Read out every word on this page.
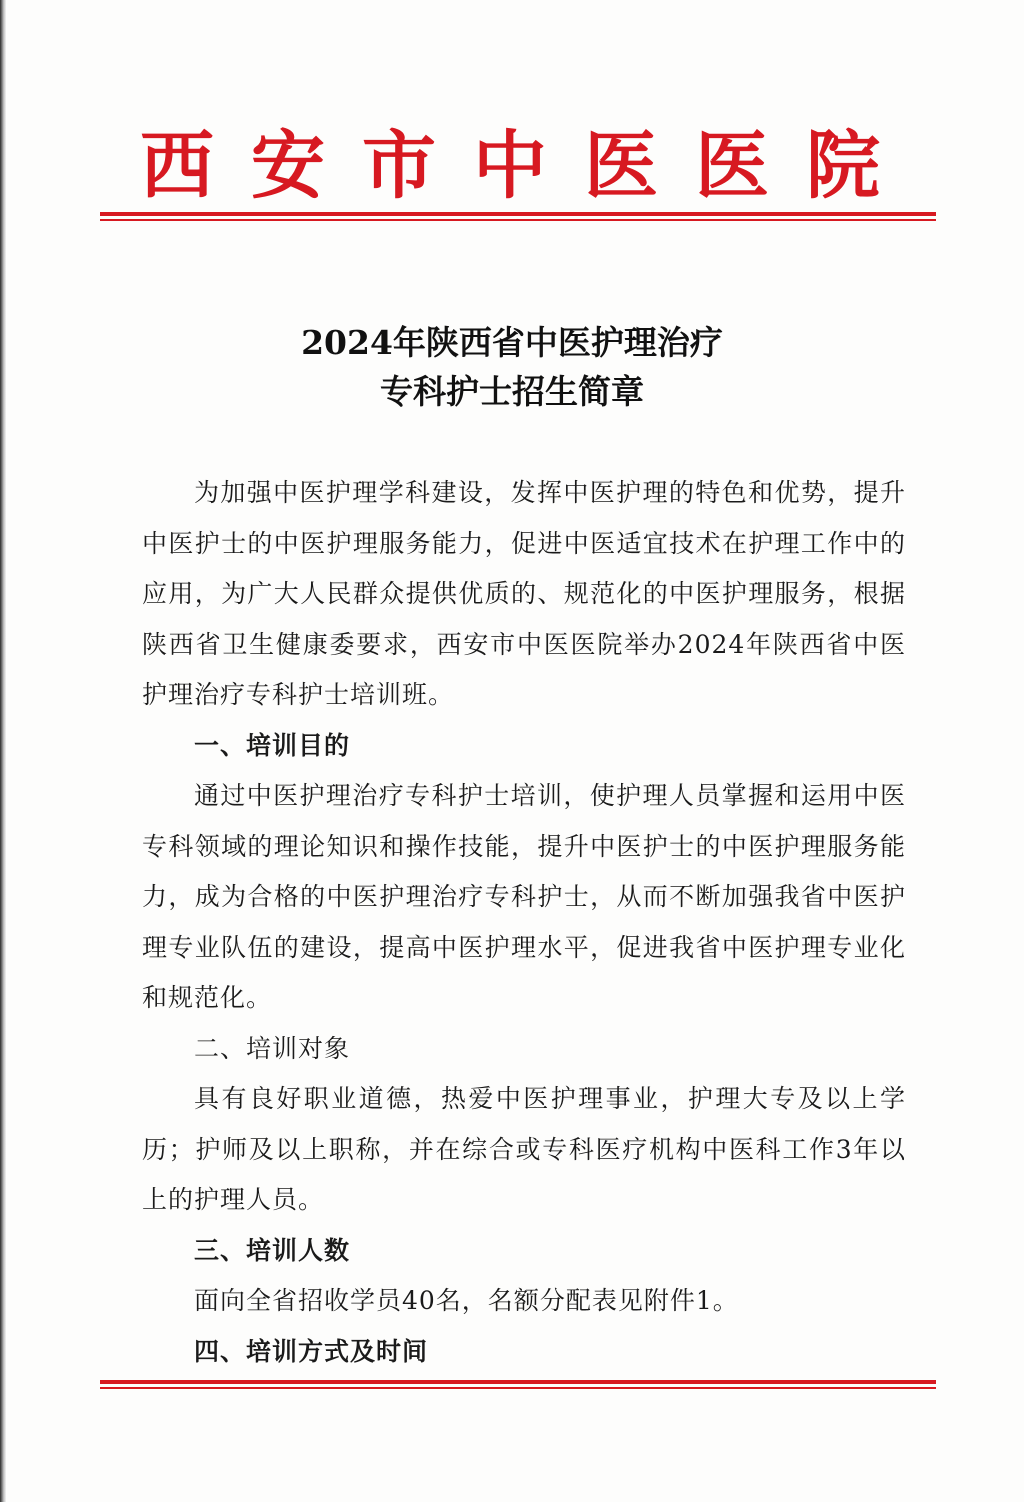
西 安 市 中 医 医 院
2024年陕西省中医护理治疗
专科护士招生简章

为加强中医护理学科建设，发挥中医护理的特色和优势，提升中医护士的中医护理服务能力，促进中医适宜技术在护理工作中的应用，为广大人民群众提供优质的、规范化的中医护理服务，根据陕西省卫生健康委要求，西安市中医医院举办2024年陕西省中医护理治疗专科护士培训班。

一、培训目的

通过中医护理治疗专科护士培训，使护理人员掌握和运用中医专科领域的理论知识和操作技能，提升中医护士的中医护理服务能力，成为合格的中医护理治疗专科护士，从而不断加强我省中医护理专业队伍的建设，提高中医护理水平，促进我省中医护理专业化和规范化。

二、培训对象

具有良好职业道德，热爱中医护理事业，护理大专及以上学历；护师及以上职称，并在综合或专科医疗机构中医科工作3年以上的护理人员。

三、培训人数

面向全省招收学员40名，名额分配表见附件1。

四、培训方式及时间
